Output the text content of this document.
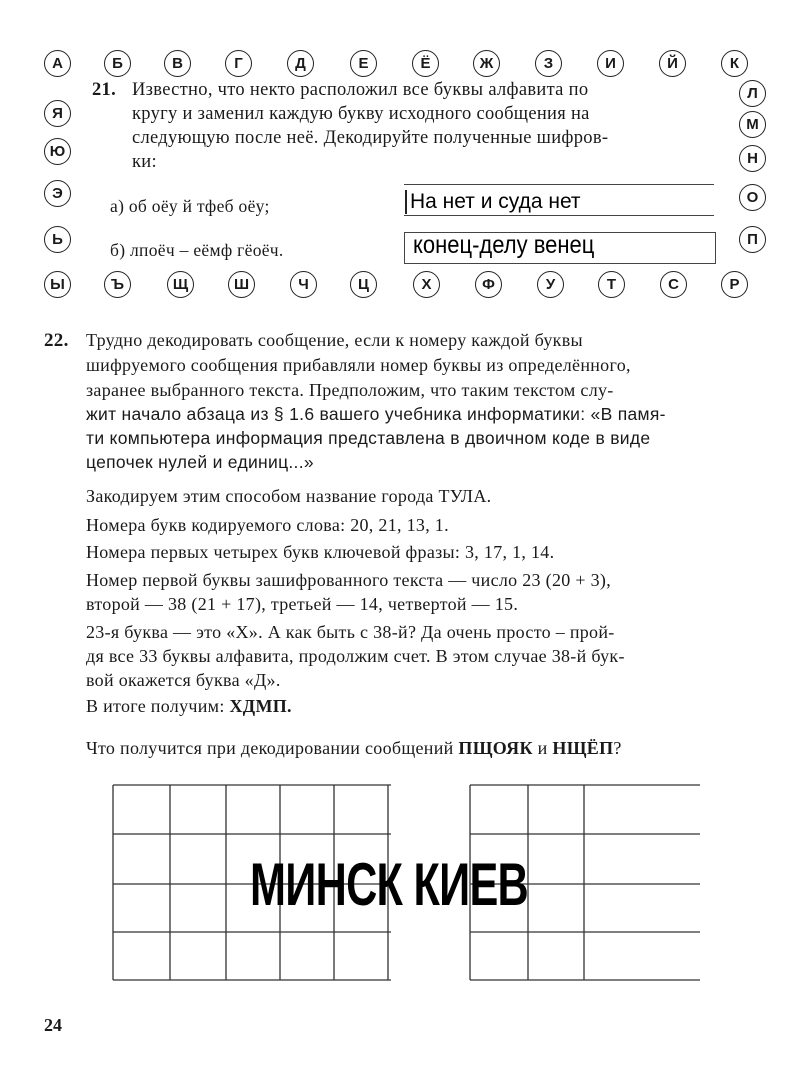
А	Б	В	Г	Д	Е	Ё	Ж	З	И	Й	К
Л
М
Н
О
П
Я
Ю
Э
Ь
Ы	Ъ	Щ	Ш	Ч	Ц	Х	Ф	У	Т	С	Р
21. Известно, что некто расположил все буквы алфавита по
кругу и заменил каждую букву исходного сообщения на
следующую после неё. Декодируйте полученные шифров-
ки:
а) об оёу й тфеб оёу;	На нет и суда нет
б) лпоёч – еёмф гёоёч.	конец-делу венец
22. Трудно декодировать сообщение, если к номеру каждой буквы
шифруемого сообщения прибавляли номер буквы из определённого,
заранее выбранного текста. Предположим, что таким текстом слу-
жит начало абзаца из § 1.6 вашего учебника информатики: «В памя-
ти компьютера информация представлена в двоичном коде в виде
цепочек нулей и единиц...»
Закодируем этим способом название города ТУЛА.
Номера букв кодируемого слова: 20, 21, 13, 1.
Номера первых четырех букв ключевой фразы: 3, 17, 1, 14.
Номер первой буквы зашифрованного текста — число 23 (20 + 3),
второй — 38 (21 + 17), третьей — 14, четвертой — 15.
23-я буква — это «Х». А как быть с 38-й? Да очень просто – прой-
дя все 33 буквы алфавита, продолжим счет. В этом случае 38-й бук-
вой окажется буква «Д».
В итоге получим: ХДМП.
Что получится при декодировании сообщений ПЩОЯК и НЩЁП?
МИНСК КИЕВ
24
